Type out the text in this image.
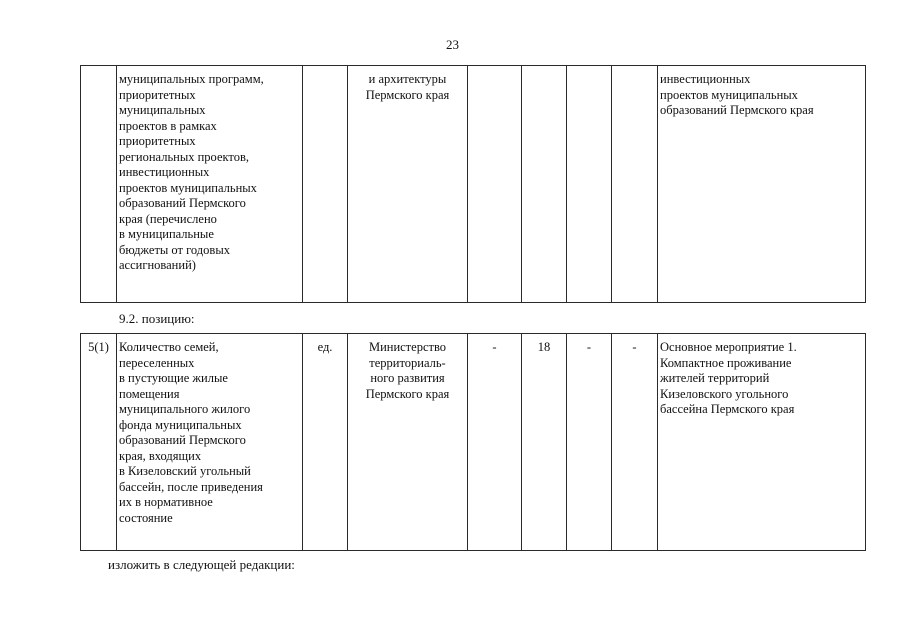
23
	муниципальных программ,
приоритетных
муниципальных
проектов в рамках
приоритетных
региональных проектов,
инвестиционных
проектов муниципальных
образований Пермского
края (перечислено
в муниципальные
бюджеты от годовых
ассигнований)		и архитектуры
Пермского края					инвестиционных
проектов муниципальных
образований Пермского края
9.2. позицию:
5(1)	Количество семей,
переселенных
в пустующие жилые
помещения
муниципального жилого
фонда муниципальных
образований Пермского
края, входящих
в Кизеловский угольный
бассейн, после приведения
их в нормативное
состояние	ед.	Министерство
территориаль-
ного развития
Пермского края	-	18	-	-	Основное мероприятие 1.
Компактное проживание
жителей территорий
Кизеловского угольного
бассейна Пермского края
изложить в следующей редакции:
